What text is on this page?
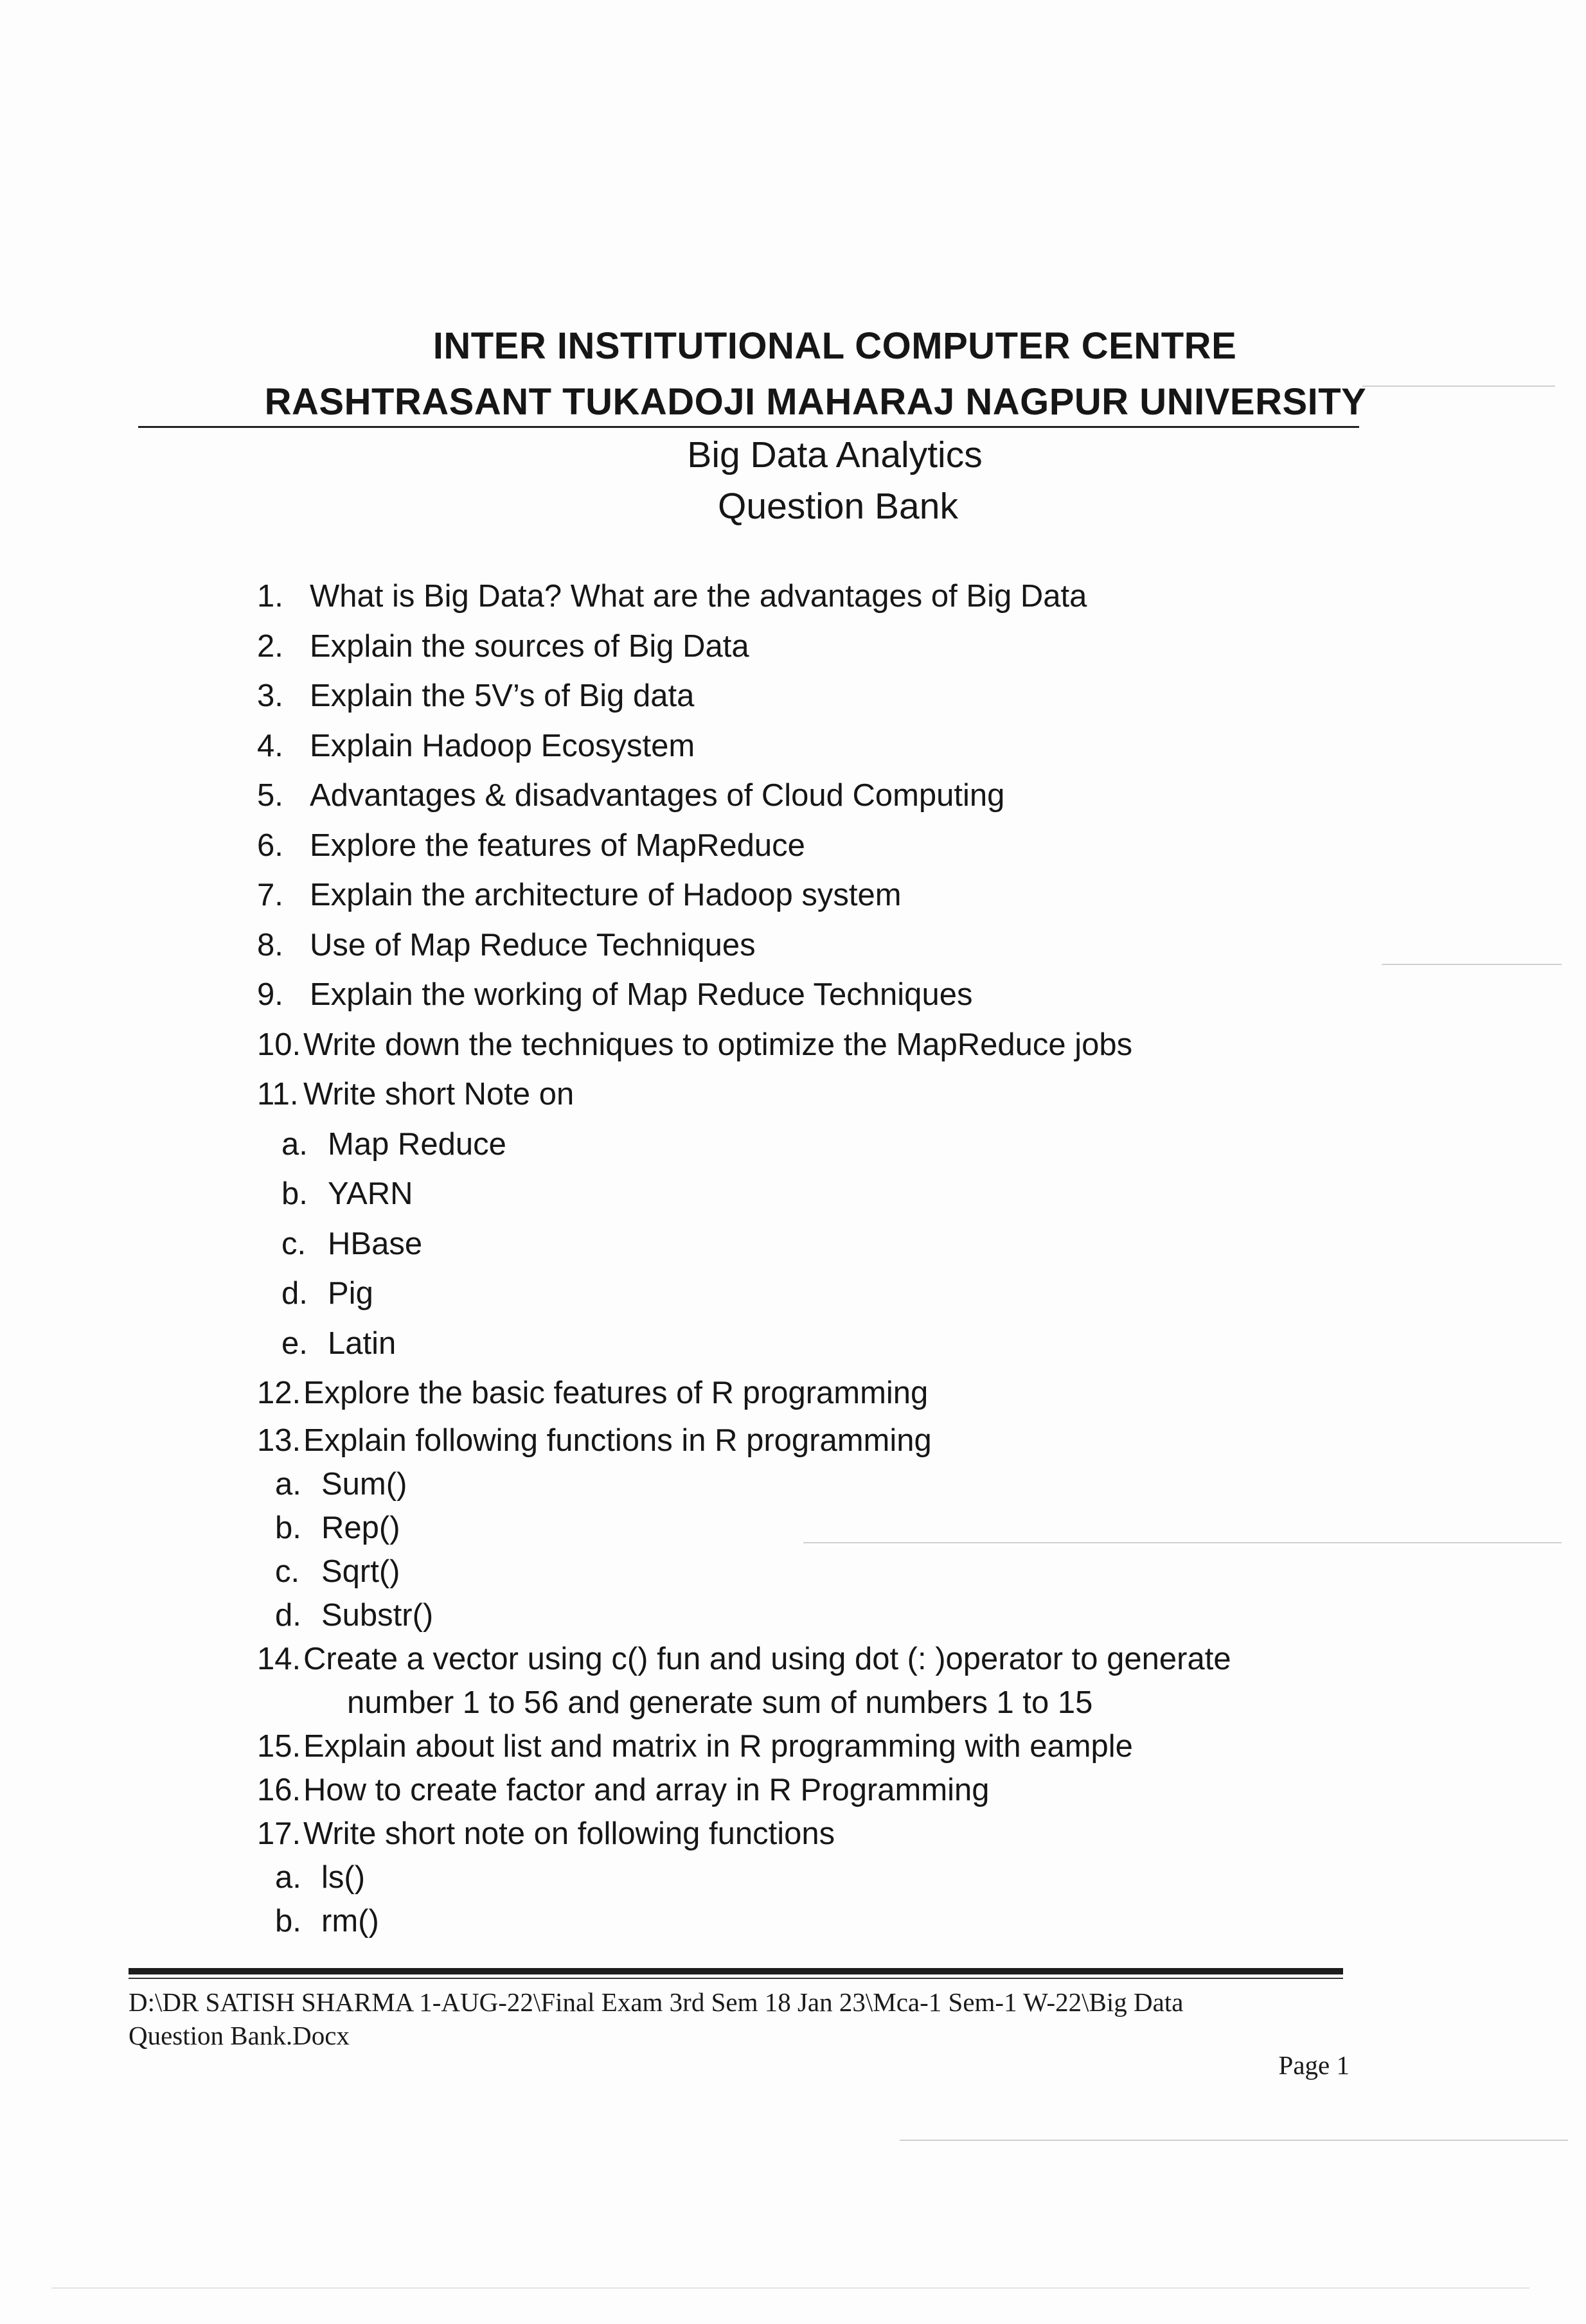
INTER INSTITUTIONAL COMPUTER CENTRE
RASHTRASANT TUKADOJI MAHARAJ NAGPUR UNIVERSITY
Big Data Analytics
Question Bank
1. What is Big Data? What are the advantages of Big Data
2. Explain the sources of Big Data
3. Explain the 5V’s of Big data
4. Explain Hadoop Ecosystem
5. Advantages & disadvantages of Cloud Computing
6. Explore the features of MapReduce
7. Explain the architecture of Hadoop system
8. Use of Map Reduce Techniques
9. Explain the working of Map Reduce Techniques
10. Write down the techniques to optimize the MapReduce jobs
11. Write short Note on
a. Map Reduce
b. YARN
c. HBase
d. Pig
e. Latin
12. Explore the basic features of R programming
13. Explain following functions in R programming
a. Sum()
b. Rep()
c. Sqrt()
d. Substr()
14. Create a vector using c() fun and using dot (: )operator to generate
number 1 to 56 and generate sum of numbers 1 to 15
15. Explain about list and matrix in R programming with eample
16. How to create factor and array in R Programming
17. Write short note on following functions
a. ls()
b. rm()
D:\DR SATISH SHARMA 1-AUG-22\Final Exam 3rd Sem 18 Jan 23\Mca-1 Sem-1 W-22\Big Data
Question Bank.Docx
Page 1
